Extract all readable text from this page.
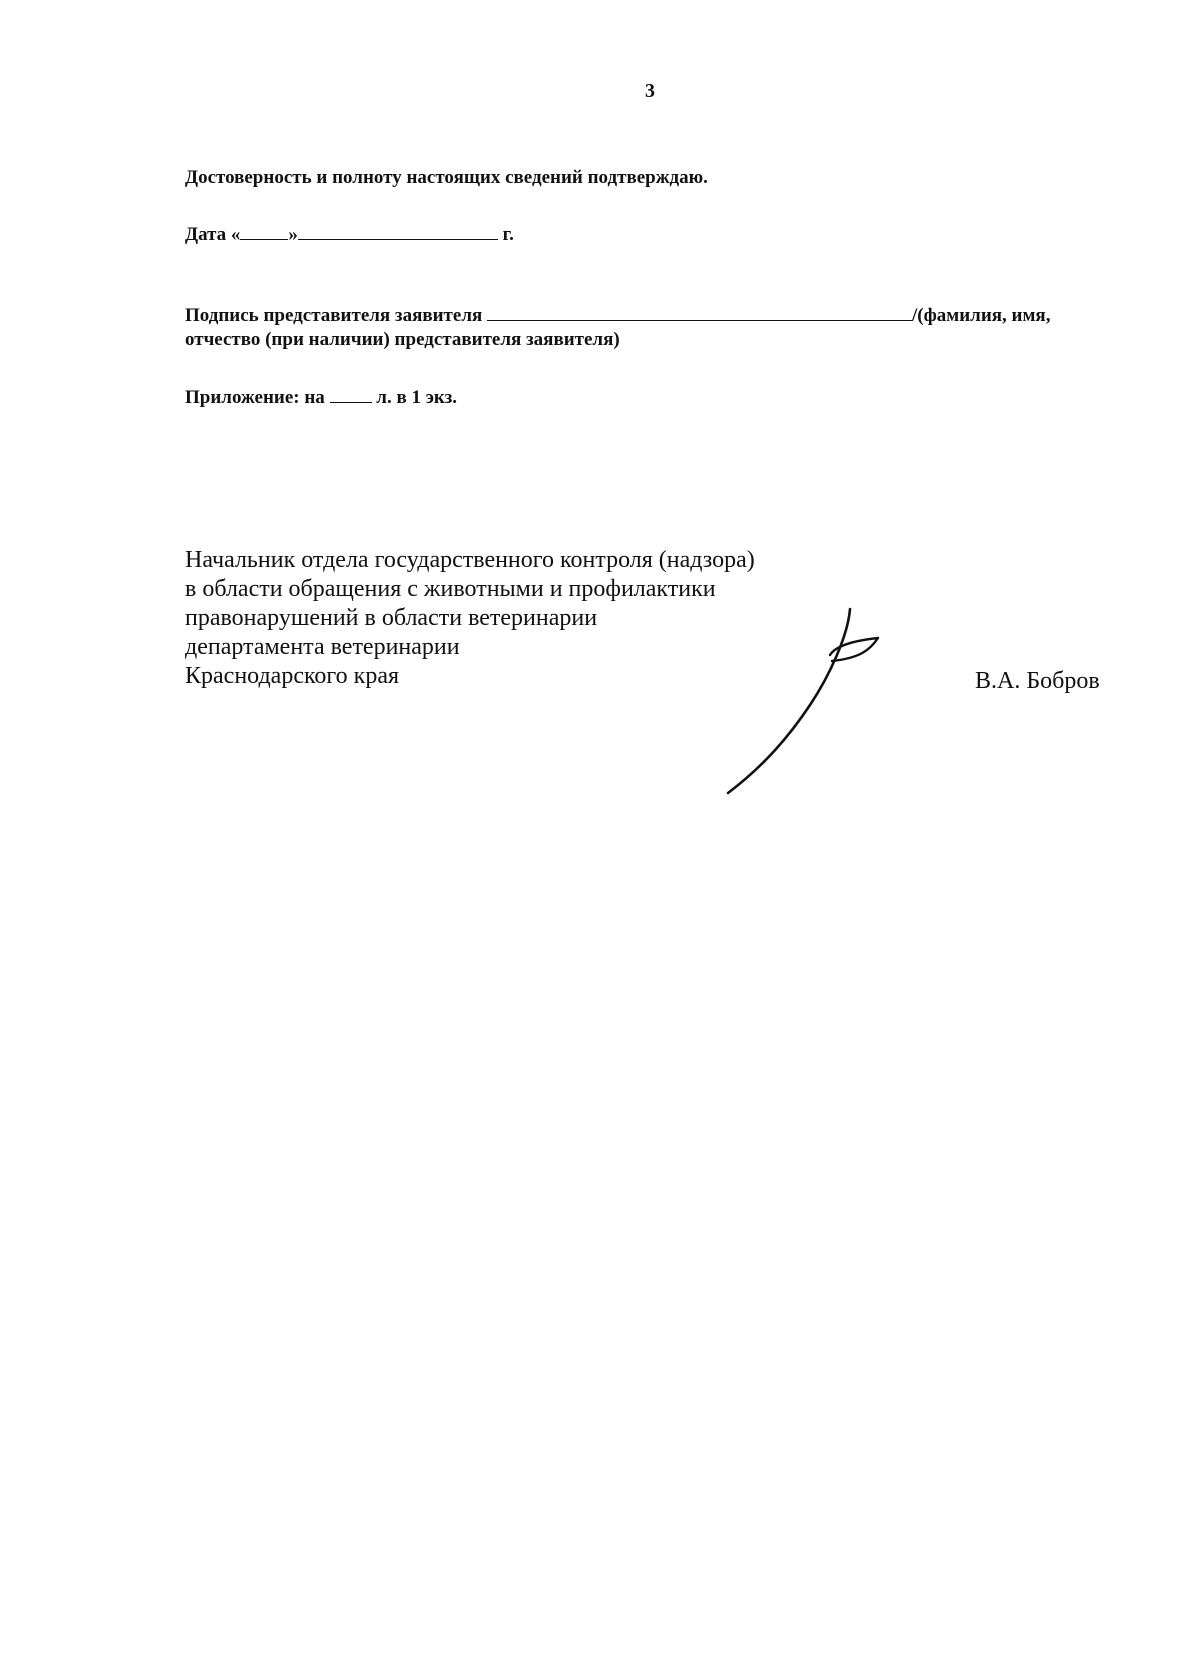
3
Достоверность и полноту настоящих сведений подтверждаю.
Дата «	»	г.
Подпись представителя заявителя	/(фамилия, имя,
отчество (при наличии) представителя заявителя)
Приложение: на  л. в 1 экз.
Начальник отдела государственного контроля (надзора)
в области обращения с животными и профилактики
правонарушений в области ветеринарии
департамента ветеринарии
Краснодарского края	В.А. Бобров
